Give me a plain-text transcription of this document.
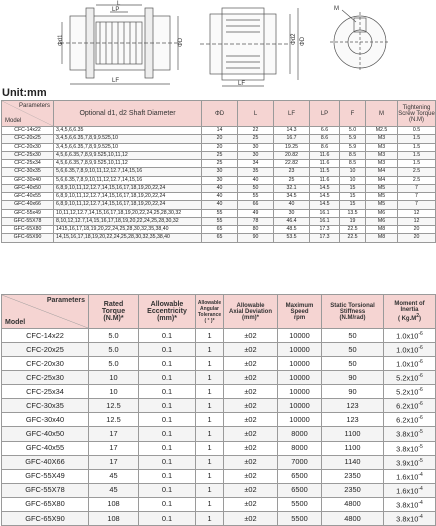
L
LP
LF
Φd1	ΦD
LF
Φd2 ΦD
M
Unit:mm
Parameters
Model	Optional d1, d2 Shaft Diameter	ΦD	L	LF	LP	F	M	Tightening
Screw Torque
(N.M)

CFC-14x22	3,4,5,6,6.35	14	22	14.3	6.6	5.0	M2.5	0.5
CFC-20x25	3,4,5,6,6.35,7,8,9,9.525,10	20	25	16.7	8.6	5.9	M3	1.5
CFC-20x30	3,4,5,6,6.35,7,8,9,9.525,10	20	30	19.25	8.6	5.9	M3	1.5
CFC-25x30	4,5,6,6.35,7,8,9,9.525,10,11,12	25	30	20.82	11.6	8.5	M3	1.5
CFC-25x34	4,5,6,6.35,7,8,9,9.525,10,11,12	25	34	22.82	11.6	8.5	M3	1.5
CFC-30x35	5,6,6.35,7,8,9,10,11,12,12.7,14,15,16	30	35	23	11.5	10	M4	2.5
GFC-30x40	5,6,6.35,7,8,9,10,11,12,12.7,14,15,16	30	40	25	11.6	10	M4	2.5
GFC-40x50	6,8,9,10,11,12,12.7,14,15,16,17,18,19,20,22,24	40	50	32.1	14.5	15	M5	7
GFC-40x55	6,8,9,10,11,12,12.7,14,15,16,17,18,19,20,22,24	40	55	34.5	14.5	15	M5	7
GFC-40x66	6,8,9,10,11,12,12.7,14,15,16,17,18,19,20,22,24	40	66	40	14.5	15	M5	7
GFC-55x49	10,11,12,12.7,14,15,16,17,18,19,20,22,24,25,28,30,32	55	49	30	16.1	13.5	M6	12
GFC-55X78	8,10,12,12.7,14,15,16,17,18,19,20,22,24,25,28,30,32	55	78	46.4	16.1	19	M6	12
GFC-65X80	1415,16,17,18,19,20,22,24,25,28,30,32,35,38,40	65	80	48.5	17.3	22.5	M8	20
GFC-65X90	14,15,16,17,18,19,20,22,24,25,28,30,32,35,38,40	65	90	53.5	17.3	22.5	M8	20
Parameters
Model	Rated
Torque
(N.M)*	Allowable
Eccentricity
(mm)*	Allowable
Angular
Tolerance
( ° )*	Allowable
Axial Deviation
(mm)*	Maximum
Speed
rpm	Static Torsional
Stiffness
(N.M/rad)	Moment of
Inertia
( $Kg.M^2$)

CFC-14x22	5.0	0.1	1	±02	10000	50	$1.0x10^{-6}$
CFC-20x25	5.0	0.1	1	±02	10000	50	$1.0x10^{-6}$
CFC-20x30	5.0	0.1	1	±02	10000	50	$1.0x10^{-6}$
CFC-25x30	10	0.1	1	±02	10000	90	$5.2x10^{-6}$
CFC-25x34	10	0.1	1	±02	10000	90	$5.2x10^{-6}$
CFC-30x35	12.5	0.1	1	±02	10000	123	$6.2x10^{-6}$
GFC-30x40	12.5	0.1	1	±02	10000	123	$6.2x10^{-6}$
GFC-40x50	17	0.1	1	±02	8000	1100	$3.8x10^{-5}$
GFC-40x55	17	0.1	1	±02	8000	1100	$3.8x10^{-5}$
GFC-40X66	17	0.1	1	±02	7000	1140	$3.9x10^{-5}$
GFC-55X49	45	0.1	1	±02	6500	2350	$1.6x10^{-4}$
GFC-55X78	45	0.1	1	±02	6500	2350	$1.6x10^{-4}$
GFC-65X80	108	0.1	1	±02	5500	4800	$3.8x10^{-4}$
GFC-65X90	108	0.1	1	±02	5500	4800	$3.8x10^{-4}$
